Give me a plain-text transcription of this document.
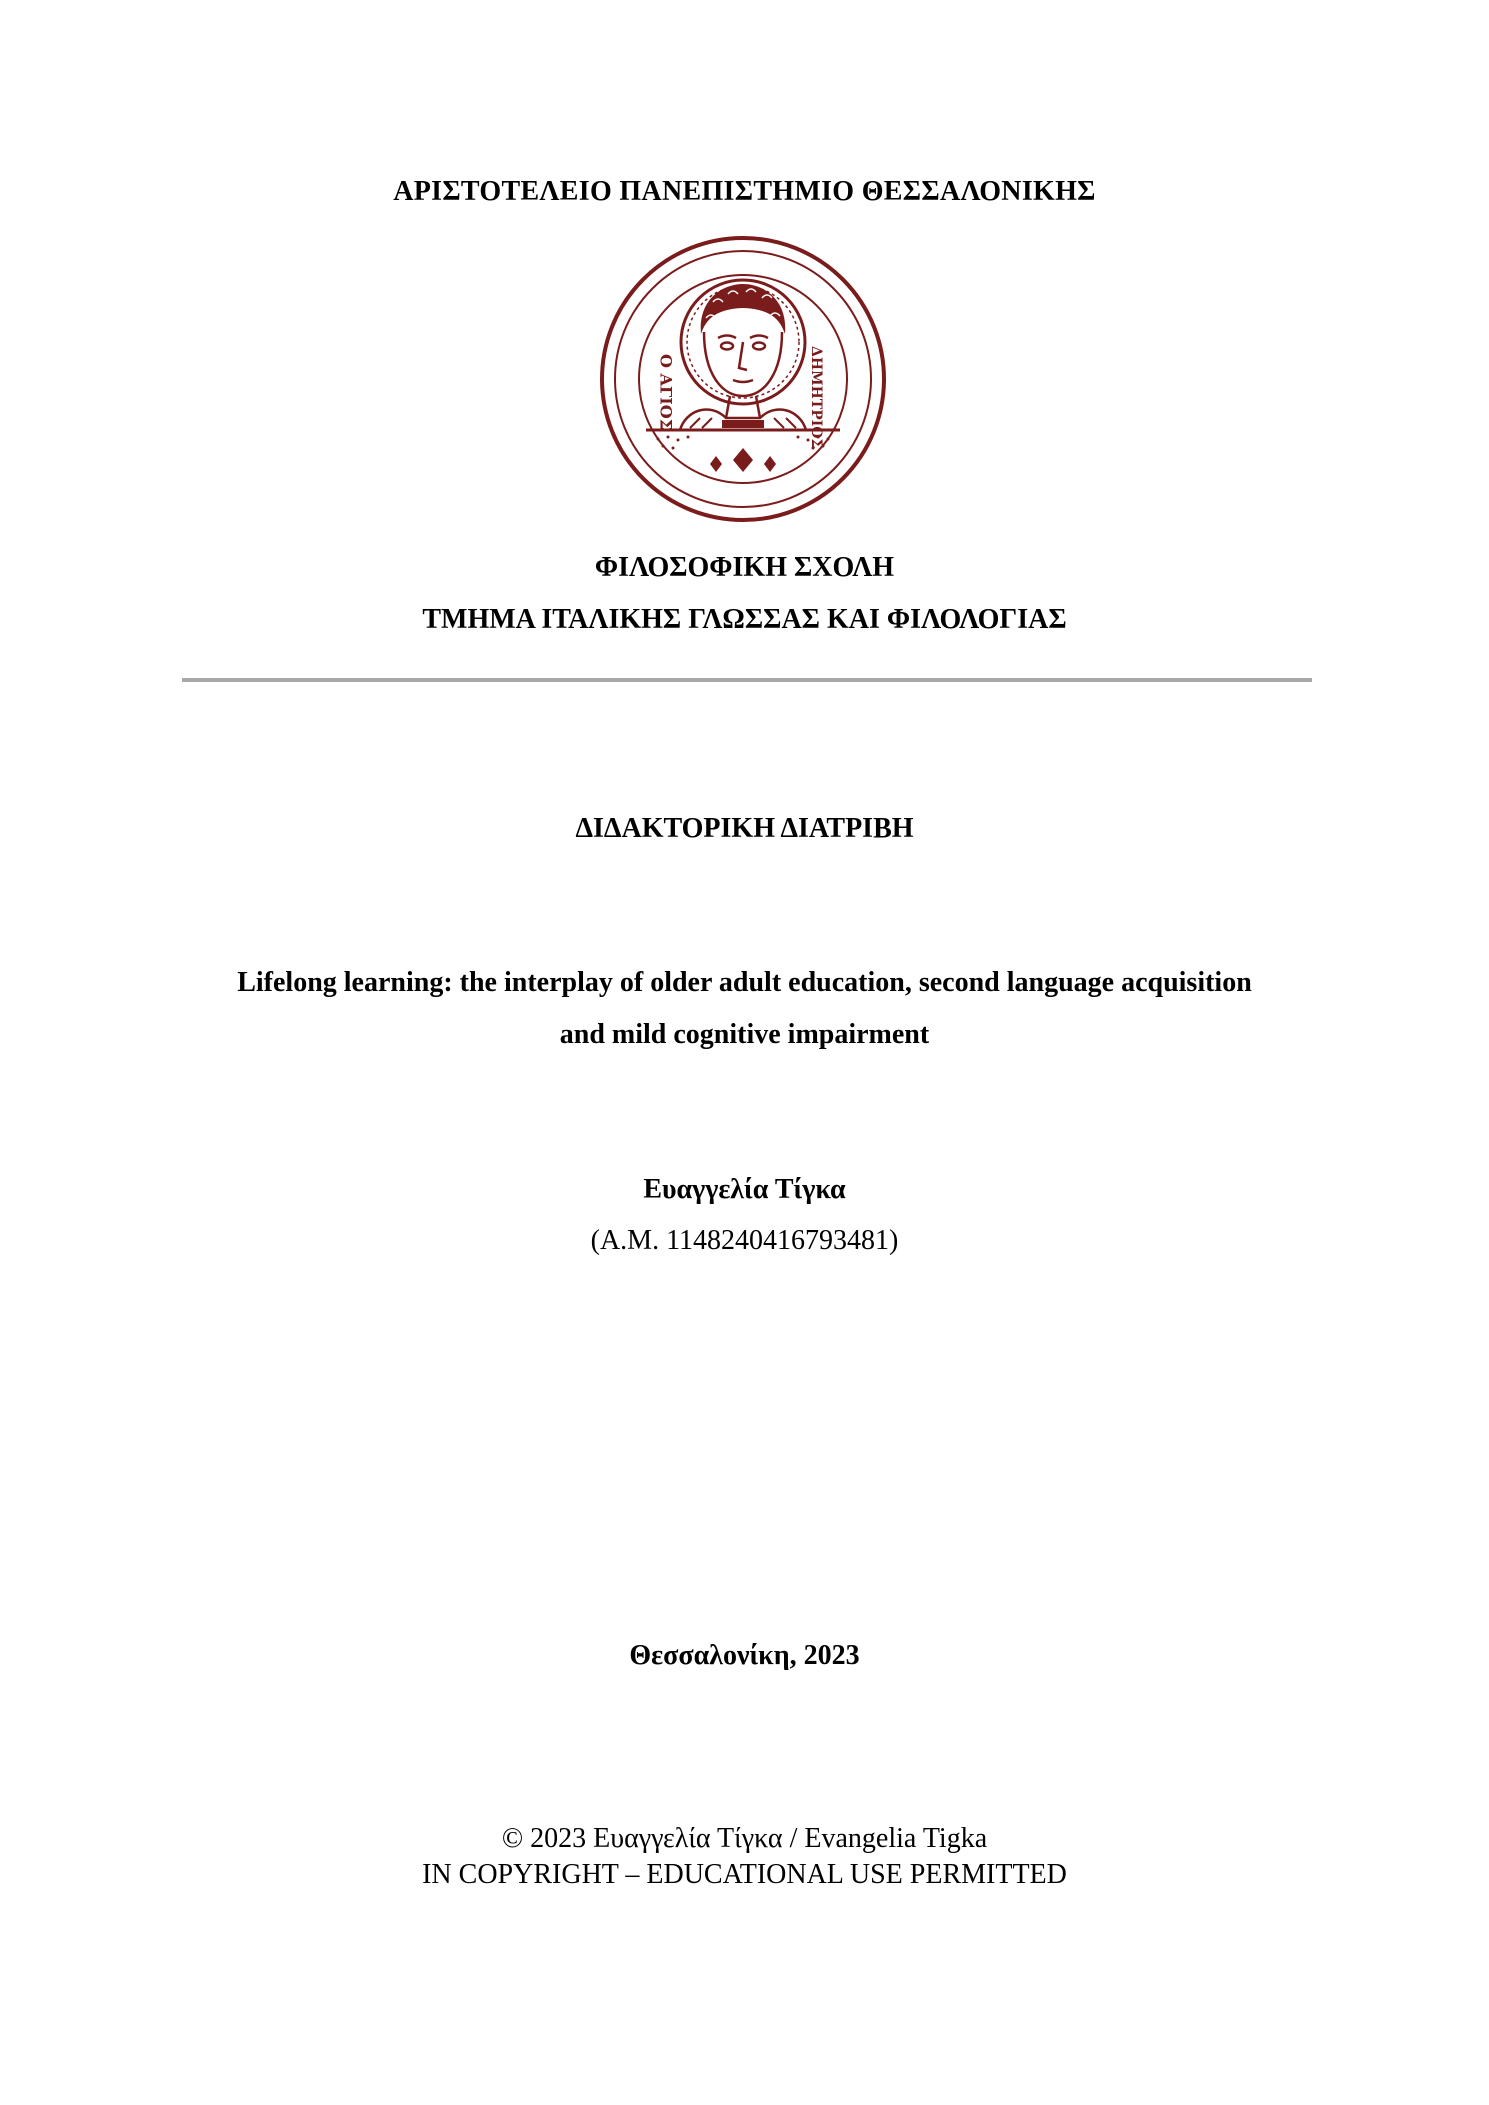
ΑΡΙΣΤΟΤΕΛΕΙΟ ΠΑΝΕΠΙΣΤΗΜΙΟ ΘΕΣΣΑΛΟΝΙΚΗΣ
Ο ΑΓΙΟΣ	ΔΗΜΗΤΡΙΟΣ
ΦΙΛΟΣΟΦΙΚΗ ΣΧΟΛΗ
ΤΜΗΜΑ ΙΤΑΛΙΚΗΣ ΓΛΩΣΣΑΣ ΚΑΙ ΦΙΛΟΛΟΓΙΑΣ
ΔΙΔΑΚΤΟΡΙΚΗ ΔΙΑΤΡΙΒΗ
Lifelong learning: the interplay of older adult education, second language acquisition
and mild cognitive impairment
Ευαγγελία Τίγκα
(Α.Μ. 1148240416793481)
Θεσσαλονίκη, 2023
© 2023 Ευαγγελία Τίγκα / Evangelia Tigka
IN COPYRIGHT – EDUCATIONAL USE PERMITTED
